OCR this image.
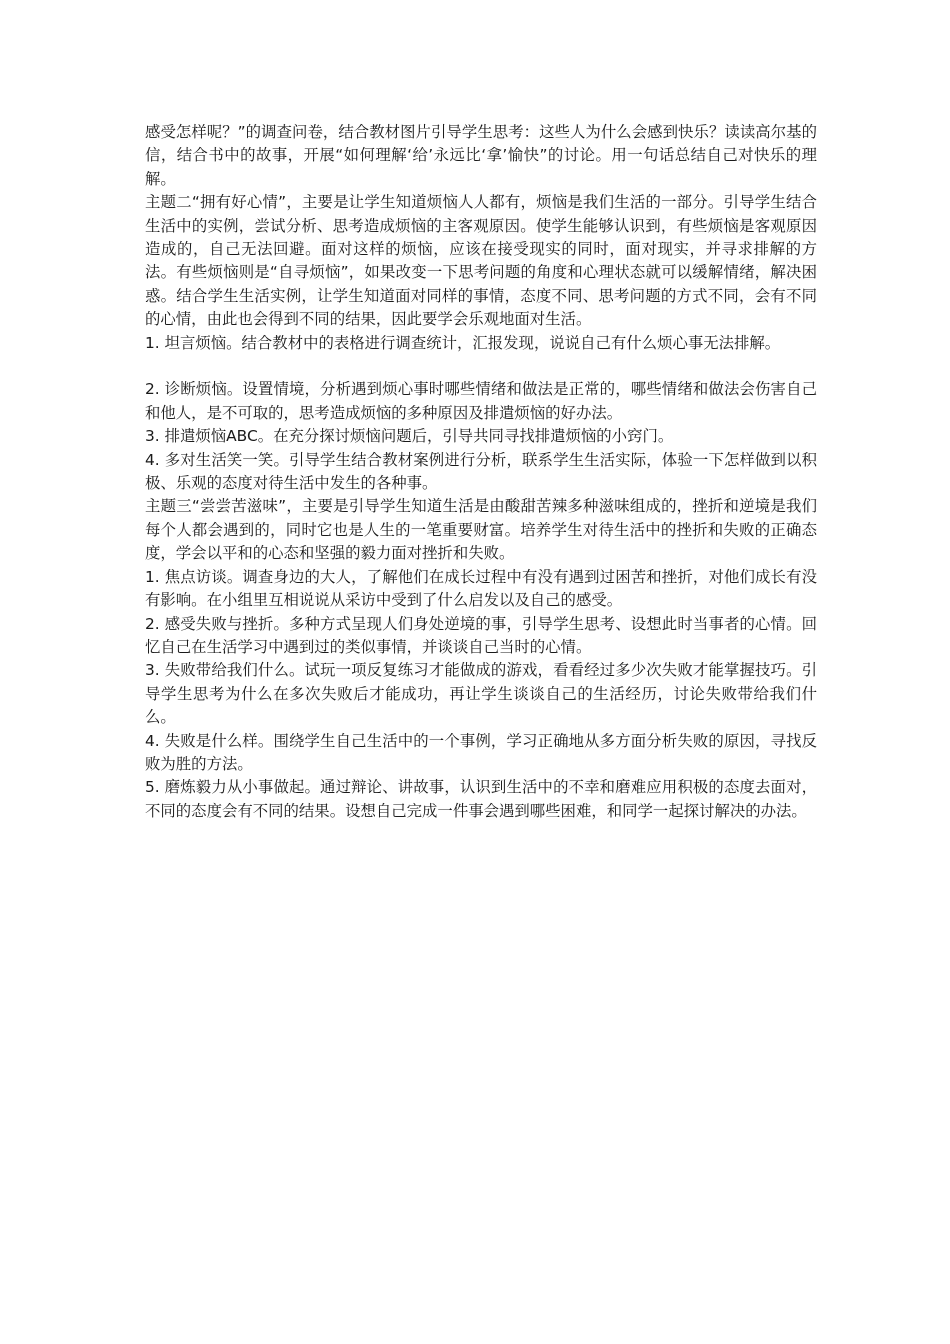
感受怎样呢？”的调查问卷，结合教材图片引导学生思考：这些人为什么会感到快乐？读读高尔基的信，结合书中的故事，开展“如何理解‘给’永远比‘拿’愉快”的讨论。用一句话总结自己对快乐的理解。

主题二“拥有好心情”，主要是让学生知道烦恼人人都有，烦恼是我们生活的一部分。引导学生结合生活中的实例，尝试分析、思考造成烦恼的主客观原因。使学生能够认识到，有些烦恼是客观原因造成的，自己无法回避。面对这样的烦恼，应该在接受现实的同时，面对现实，并寻求排解的方法。有些烦恼则是“自寻烦恼”，如果改变一下思考问题的角度和心理状态就可以缓解情绪，解决困惑。结合学生生活实例，让学生知道面对同样的事情，态度不同、思考问题的方式不同，会有不同的心情，由此也会得到不同的结果，因此要学会乐观地面对生活。

1. 坦言烦恼。结合教材中的表格进行调查统计，汇报发现，说说自己有什么烦心事无法排解。

2. 诊断烦恼。设置情境，分析遇到烦心事时哪些情绪和做法是正常的，哪些情绪和做法会伤害自己和他人，是不可取的，思考造成烦恼的多种原因及排遣烦恼的好办法。

3. 排遣烦恼ABC。在充分探讨烦恼问题后，引导共同寻找排遣烦恼的小窍门。

4. 多对生活笑一笑。引导学生结合教材案例进行分析，联系学生生活实际，体验一下怎样做到以积极、乐观的态度对待生活中发生的各种事。

主题三“尝尝苦滋味”，主要是引导学生知道生活是由酸甜苦辣多种滋味组成的，挫折和逆境是我们每个人都会遇到的，同时它也是人生的一笔重要财富。培养学生对待生活中的挫折和失败的正确态度，学会以平和的心态和坚强的毅力面对挫折和失败。

1. 焦点访谈。调查身边的大人，了解他们在成长过程中有没有遇到过困苦和挫折，对他们成长有没有影响。在小组里互相说说从采访中受到了什么启发以及自己的感受。

2. 感受失败与挫折。多种方式呈现人们身处逆境的事，引导学生思考、设想此时当事者的心情。回忆自己在生活学习中遇到过的类似事情，并谈谈自己当时的心情。

3. 失败带给我们什么。试玩一项反复练习才能做成的游戏，看看经过多少次失败才能掌握技巧。引导学生思考为什么在多次失败后才能成功，再让学生谈谈自己的生活经历，讨论失败带给我们什么。

4. 失败是什么样。围绕学生自己生活中的一个事例，学习正确地从多方面分析失败的原因，寻找反败为胜的方法。

5. 磨炼毅力从小事做起。通过辩论、讲故事，认识到生活中的不幸和磨难应用积极的态度去面对，不同的态度会有不同的结果。设想自己完成一件事会遇到哪些困难，和同学一起探讨解决的办法。
